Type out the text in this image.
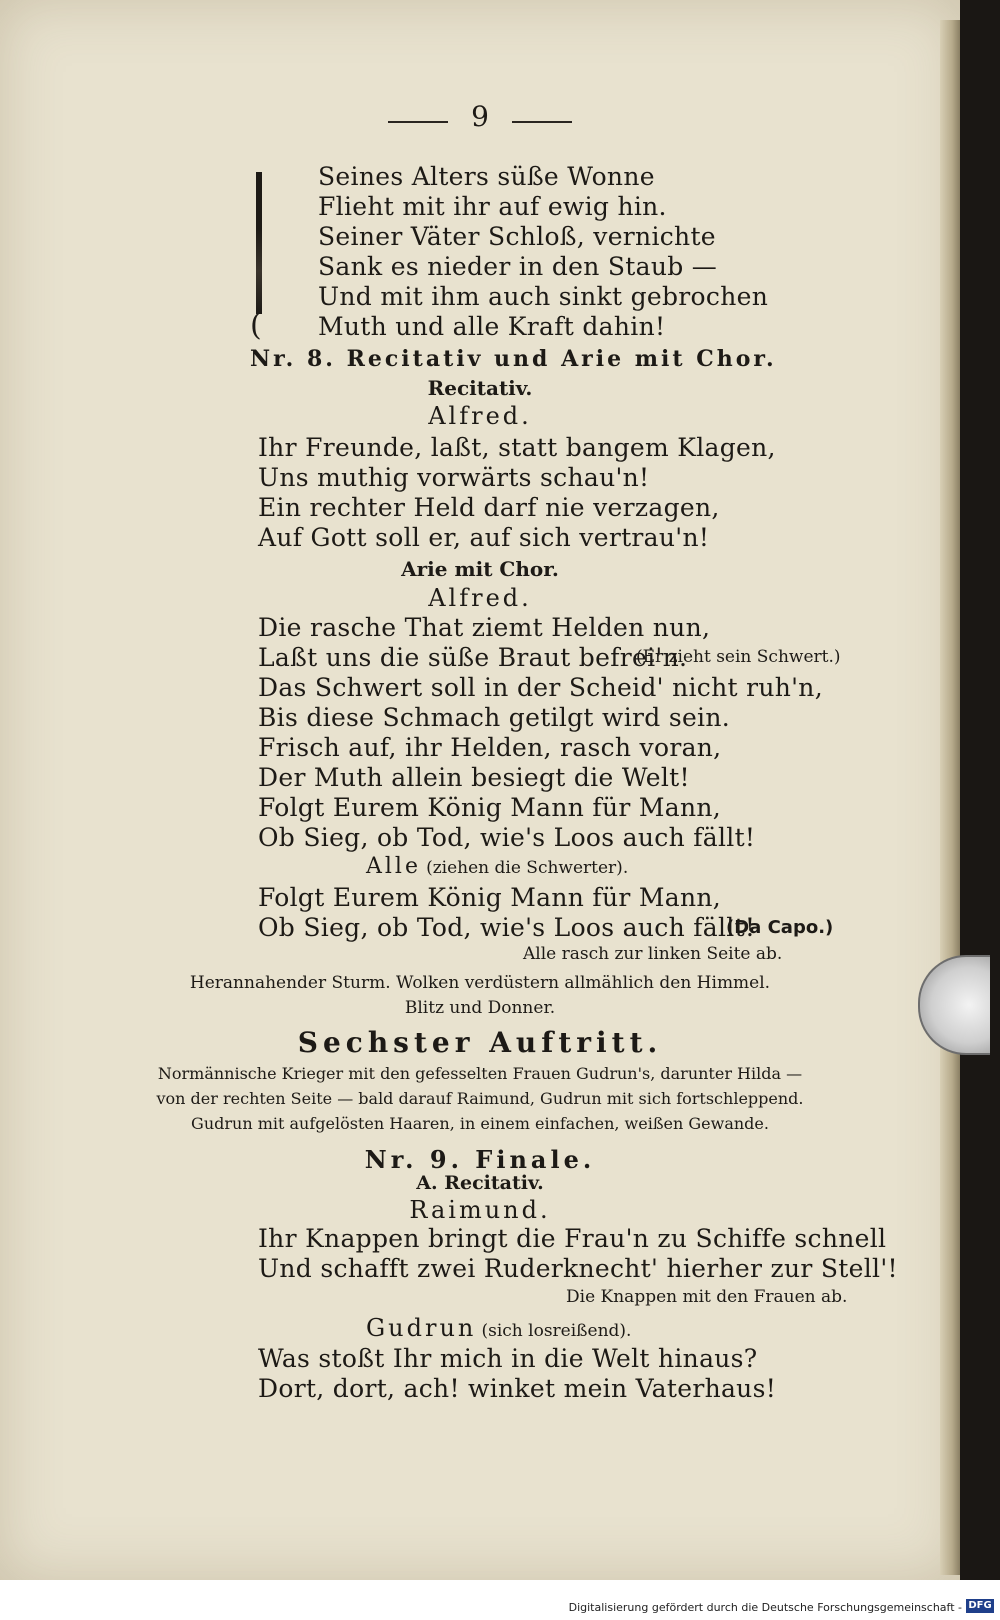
9
(
Seines Alters süße Wonne
Flieht mit ihr auf ewig hin.
Seiner Väter Schloß, vernichte
Sank es nieder in den Staub —
Und mit ihm auch sinkt gebrochen
Muth und alle Kraft dahin!
Nr. 8. Recitativ und Arie mit Chor.
Recitativ.
Alfred.
Ihr Freunde, laßt, statt bangem Klagen,
Uns muthig vorwärts schau'n!
Ein rechter Held darf nie verzagen,
Auf Gott soll er, auf sich vertrau'n!
Arie mit Chor.
Alfred.
Die rasche That ziemt Helden nun,
Laßt uns die süße Braut befrei'n.
(Er zieht sein Schwert.)
Das Schwert soll in der Scheid' nicht ruh'n,
Bis diese Schmach getilgt wird sein.
Frisch auf, ihr Helden, rasch voran,
Der Muth allein besiegt die Welt!
Folgt Eurem König Mann für Mann,
Ob Sieg, ob Tod, wie's Loos auch fällt!
Alle (ziehen die Schwerter).
Folgt Eurem König Mann für Mann,
Ob Sieg, ob Tod, wie's Loos auch fällt!
(Da Capo.)
Alle rasch zur linken Seite ab.
Herannahender Sturm. Wolken verdüstern allmählich den Himmel.
Blitz und Donner.
Sechster Auftritt.
Normännische Krieger mit den gefesselten Frauen Gudrun's, darunter Hilda —
von der rechten Seite — bald darauf Raimund, Gudrun mit sich fortschleppend.
Gudrun mit aufgelösten Haaren, in einem einfachen, weißen Gewande.
Nr. 9. Finale.
A. Recitativ.
Raimund.
Ihr Knappen bringt die Frau'n zu Schiffe schnell
Und schafft zwei Ruderknecht' hierher zur Stell'!
Die Knappen mit den Frauen ab.
Gudrun (sich losreißend).
Was stoßt Ihr mich in die Welt hinaus?
Dort, dort, ach! winket mein Vaterhaus!
Digitalisierung gefördert durch die Deutsche Forschungsgemeinschaft - DFG
